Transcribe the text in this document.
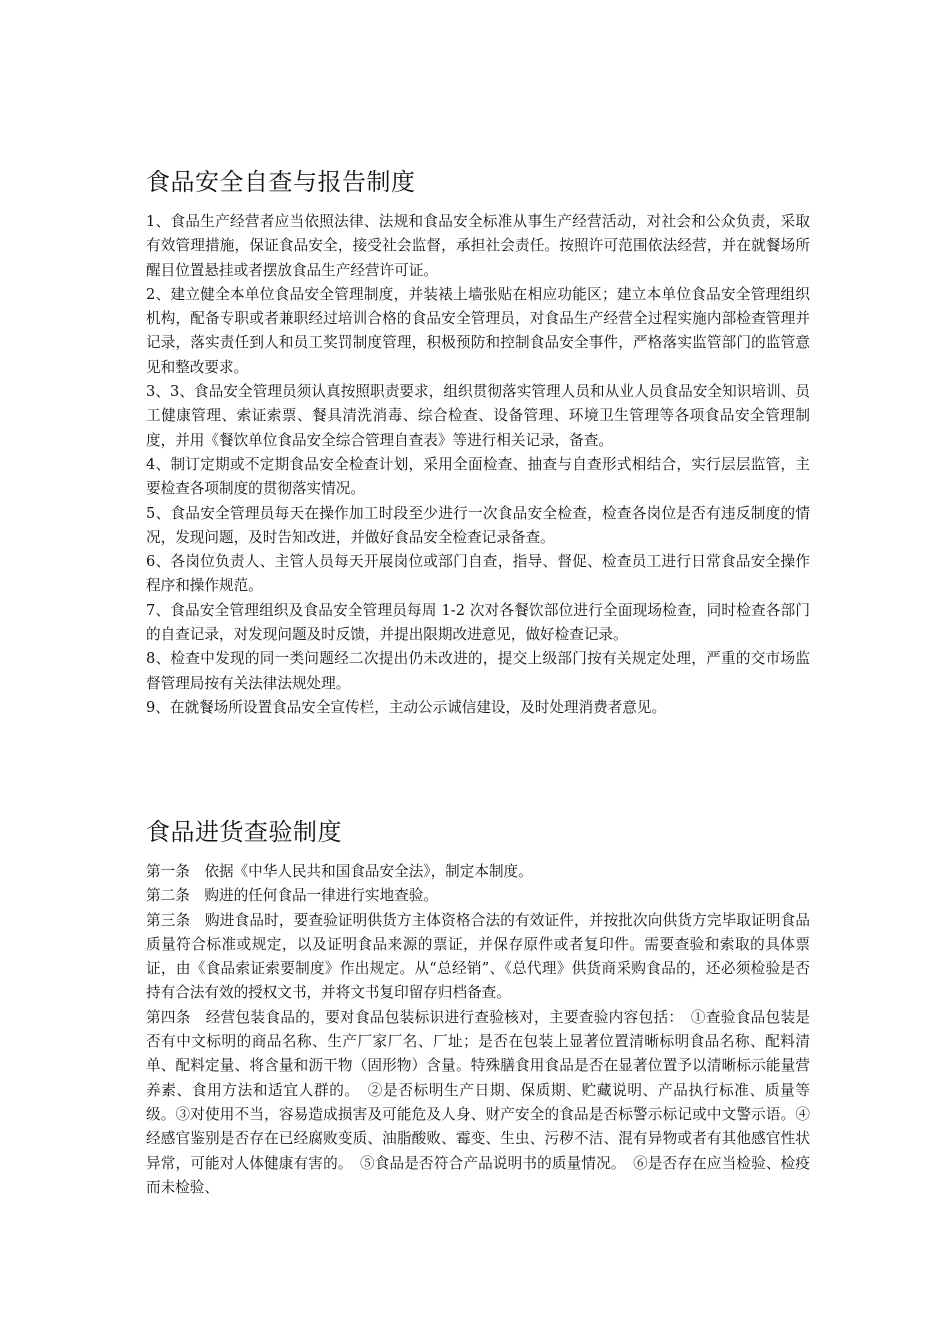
食品安全自查与报告制度

1、食品生产经营者应当依照法律、法规和食品安全标准从事生产经营活动，对社会和公众负责，采取有效管理措施，保证食品安全，接受社会监督，承担社会责任。按照许可范围依法经营，并在就餐场所醒目位置悬挂或者摆放食品生产经营许可证。

2、建立健全本单位食品安全管理制度，并装裱上墙张贴在相应功能区；建立本单位食品安全管理组织机构，配备专职或者兼职经过培训合格的食品安全管理员，对食品生产经营全过程实施内部检查管理并记录，落实责任到人和员工奖罚制度管理，积极预防和控制食品安全事件，严格落实监管部门的监管意见和整改要求。

3、3、食品安全管理员须认真按照职责要求，组织贯彻落实管理人员和从业人员食品安全知识培训、员工健康管理、索证索票、餐具清洗消毒、综合检查、设备管理、环境卫生管理等各项食品安全管理制度，并用《餐饮单位食品安全综合管理自查表》等进行相关记录，备查。

4、制订定期或不定期食品安全检查计划，采用全面检查、抽查与自查形式相结合，实行层层监管，主要检查各项制度的贯彻落实情况。

5、食品安全管理员每天在操作加工时段至少进行一次食品安全检查，检查各岗位是否有违反制度的情况，发现问题，及时告知改进，并做好食品安全检查记录备查。

6、各岗位负责人、主管人员每天开展岗位或部门自查，指导、督促、检查员工进行日常食品安全操作程序和操作规范。

7、食品安全管理组织及食品安全管理员每周 1-2 次对各餐饮部位进行全面现场检查，同时检查各部门的自查记录，对发现问题及时反馈，并提出限期改进意见，做好检查记录。

8、检查中发现的同一类问题经二次提出仍未改进的，提交上级部门按有关规定处理，严重的交市场监督管理局按有关法律法规处理。

9、在就餐场所设置食品安全宣传栏，主动公示诚信建设，及时处理消费者意见。

食品进货查验制度

第一条　依据《中华人民共和国食品安全法》，制定本制度。

第二条　购进的任何食品一律进行实地查验。

第三条　购进食品时，要查验证明供货方主体资格合法的有效证件，并按批次向供货方完毕取证明食品质量符合标准或规定，以及证明食品来源的票证，并保存原件或者复印件。需要查验和索取的具体票证，由《食品索证索要制度》作出规定。从“总经销”、《总代理》供货商采购食品的，还必须检验是否持有合法有效的授权文书，并将文书复印留存归档备查。

第四条　经营包装食品的，要对食品包装标识进行查验核对，主要查验内容包括：　①查验食品包装是否有中文标明的商品名称、生产厂家厂名、厂址；是否在包装上显著位置清晰标明食品名称、配料清单、配料定量、将含量和沥干物（固形物）含量。特殊膳食用食品是否在显著位置予以清晰标示能量营养素、食用方法和适宜人群的。　②是否标明生产日期、保质期、贮藏说明、产品执行标准、质量等级。③对使用不当，容易造成损害及可能危及人身、财产安全的食品是否标警示标记或中文警示语。④经感官鉴别是否存在已经腐败变质、油脂酸败、霉变、生虫、污秽不洁、混有异物或者有其他感官性状异常，可能对人体健康有害的。　⑤食品是否符合产品说明书的质量情况。　⑥是否存在应当检验、检疫而未检验、
